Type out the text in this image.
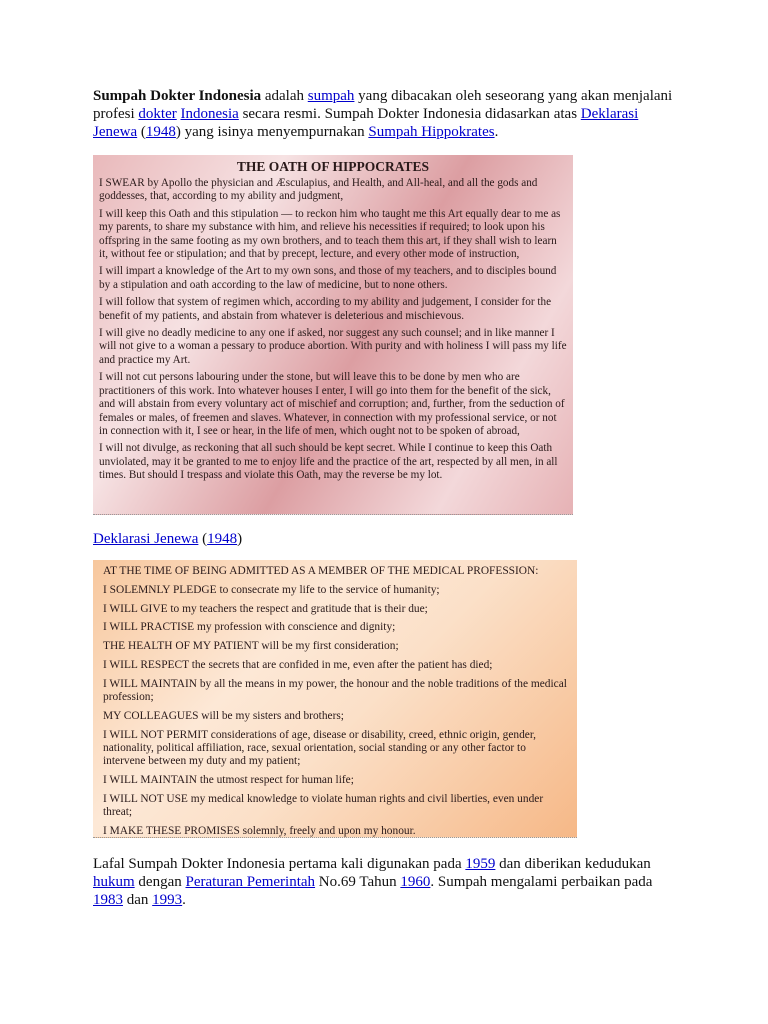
Sumpah Dokter Indonesia adalah sumpah yang dibacakan oleh seseorang yang akan menjalani profesi dokter Indonesia secara resmi. Sumpah Dokter Indonesia didasarkan atas Deklarasi Jenewa (1948) yang isinya menyempurnakan Sumpah Hippokrates.
THE OATH OF HIPPOCRATES

I SWEAR by Apollo the physician and Æsculapius, and Health, and All-heal, and all the gods and goddesses, that, according to my ability and judgment,

I will keep this Oath and this stipulation — to reckon him who taught me this Art equally dear to me as my parents, to share my substance with him, and relieve his necessities if required; to look upon his offspring in the same footing as my own brothers, and to teach them this art, if they shall wish to learn it, without fee or stipulation; and that by precept, lecture, and every other mode of instruction,

I will impart a knowledge of the Art to my own sons, and those of my teachers, and to disciples bound by a stipulation and oath according to the law of medicine, but to none others.

I will follow that system of regimen which, according to my ability and judgement, I consider for the benefit of my patients, and abstain from whatever is deleterious and mischievous.

I will give no deadly medicine to any one if asked, nor suggest any such counsel; and in like manner I will not give to a woman a pessary to produce abortion. With purity and with holiness I will pass my life and practice my Art.

I will not cut persons labouring under the stone, but will leave this to be done by men who are practitioners of this work. Into whatever houses I enter, I will go into them for the benefit of the sick, and will abstain from every voluntary act of mischief and corruption; and, further, from the seduction of females or males, of freemen and slaves. Whatever, in connection with my professional service, or not in connection with it, I see or hear, in the life of men, which ought not to be spoken of abroad,

I will not divulge, as reckoning that all such should be kept secret. While I continue to keep this Oath unviolated, may it be granted to me to enjoy life and the practice of the art, respected by all men, in all times. But should I trespass and violate this Oath, may the reverse be my lot.

Deklarasi Jenewa (1948)

AT THE TIME OF BEING ADMITTED AS A MEMBER OF THE MEDICAL PROFESSION:

I SOLEMNLY PLEDGE to consecrate my life to the service of humanity;

I WILL GIVE to my teachers the respect and gratitude that is their due;

I WILL PRACTISE my profession with conscience and dignity;

THE HEALTH OF MY PATIENT will be my first consideration;

I WILL RESPECT the secrets that are confided in me, even after the patient has died;

I WILL MAINTAIN by all the means in my power, the honour and the noble traditions of the medical profession;

MY COLLEAGUES will be my sisters and brothers;

I WILL NOT PERMIT considerations of age, disease or disability, creed, ethnic origin, gender, nationality, political affiliation, race, sexual orientation, social standing or any other factor to intervene between my duty and my patient;

I WILL MAINTAIN the utmost respect for human life;

I WILL NOT USE my medical knowledge to violate human rights and civil liberties, even under threat;

I MAKE THESE PROMISES solemnly, freely and upon my honour.

Lafal Sumpah Dokter Indonesia pertama kali digunakan pada 1959 dan diberikan kedudukan hukum dengan Peraturan Pemerintah No.69 Tahun 1960. Sumpah mengalami perbaikan pada 1983 dan 1993.
